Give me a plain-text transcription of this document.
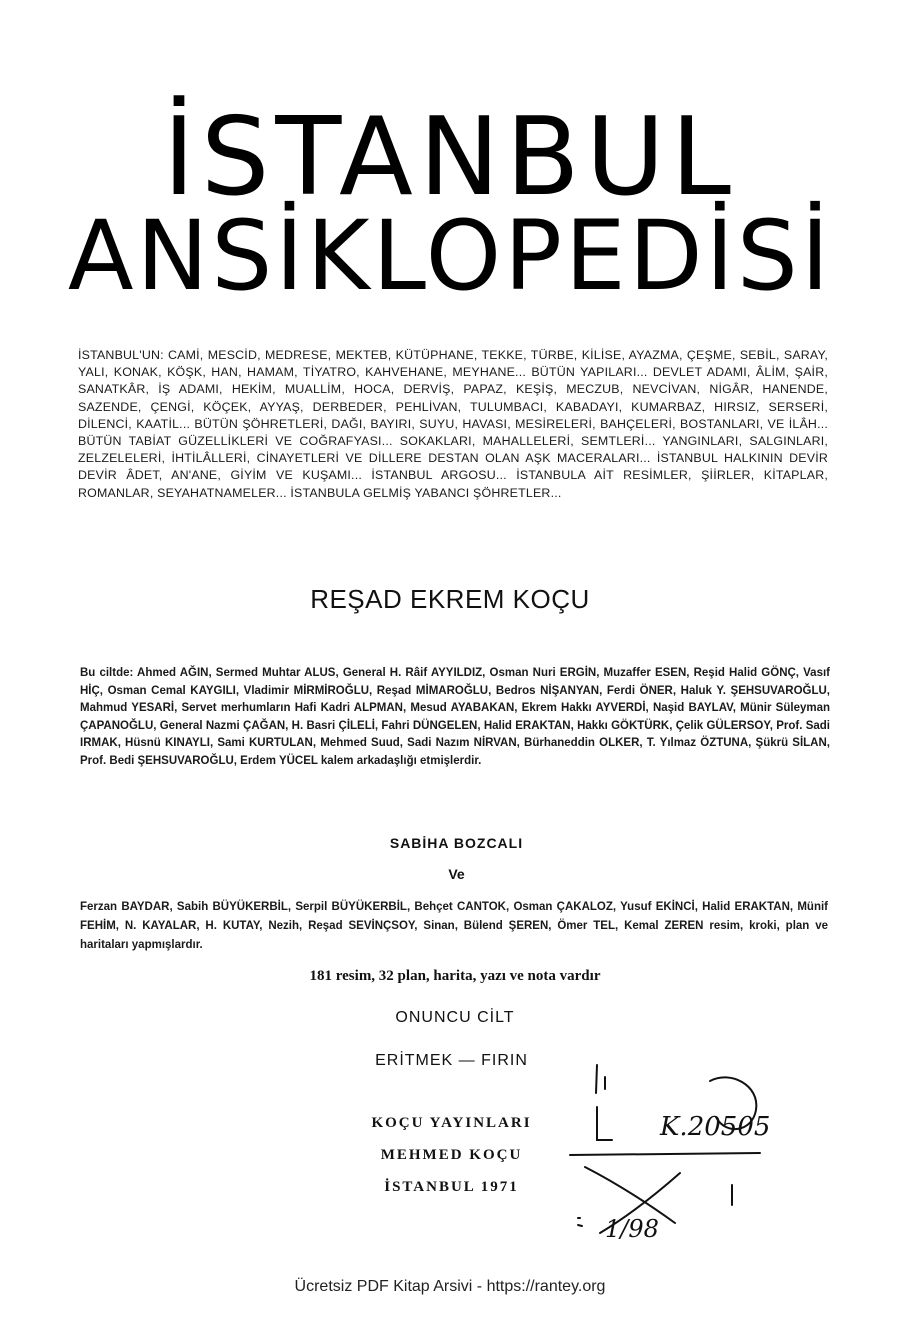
İSTANBUL
ANSİKLOPEDİSİ
İSTANBUL'UN: CAMİ, MESCİD, MEDRESE, MEKTEB, KÜTÜPHANE, TEKKE, TÜRBE, KİLİSE, AYAZMA, ÇEŞME, SEBİL, SARAY, YALI, KONAK, KÖŞK, HAN, HAMAM, TİYATRO, KAHVEHANE, MEYHANE... BÜTÜN YAPILARI... DEVLET ADAMI, ÂLİM, ŞAİR, SANATKÂR, İŞ ADAMI, HEKİM, MUALLİM, HOCA, DERVİŞ, PAPAZ, KEŞİŞ, MECZUB, NEVCİVAN, NİGÂR, HANENDE, SAZENDE, ÇENGİ, KÖÇEK, AYYAŞ, DERBEDER, PEHLİVAN, TULUMBACI, KABADAYI, KUMARBAZ, HIRSIZ, SERSERİ, DİLENCİ, KAATİL... BÜTÜN ŞÖHRETLERİ, DAĞI, BAYIRI, SUYU, HAVASI, MESİRELERİ, BAHÇELERİ, BOSTANLARI, VE İLÂH... BÜTÜN TABİAT GÜZELLİKLERİ VE COĞRAFYASI... SOKAKLARI, MAHALLELERİ, SEMTLERİ... YANGINLARI, SALGINLARI, ZELZELELERİ, İHTİLÂLLERİ, CİNAYETLERİ VE DİLLERE DESTAN OLAN AŞK MACERALARI... İSTANBUL HALKININ DEVİR DEVİR ÂDET, AN'ANE, GİYİM VE KUŞAMI... İSTANBUL ARGOSU... İSTANBULA AİT RESİMLER, ŞİİRLER, KİTAPLAR, ROMANLAR, SEYAHATNAMELER... İSTANBULA GELMİŞ YABANCI ŞÖHRETLER...
REŞAD EKREM KOÇU
Bu ciltde: Ahmed AĞIN, Sermed Muhtar ALUS, General H. Râif AYYILDIZ, Osman Nuri ERGİN, Muzaffer ESEN, Reşid Halid GÖNÇ, Vasıf HİÇ, Osman Cemal KAYGILI, Vladimir MİRMİROĞLU, Reşad MİMAROĞLU, Bedros NİŞANYAN, Ferdi ÖNER, Haluk Y. ŞEHSUVAROĞLU, Mahmud YESARİ, Servet merhumların Hafi Kadri ALPMAN, Mesud AYABAKAN, Ekrem Hakkı AYVERDİ, Naşid BAYLAV, Münir Süleyman ÇAPANOĞLU, General Nazmi ÇAĞAN, H. Basri ÇİLELİ, Fahri DÜNGELEN, Halid ERAKTAN, Hakkı GÖKTÜRK, Çelik GÜLERSOY, Prof. Sadi IRMAK, Hüsnü KINAYLI, Sami KURTULAN, Mehmed Suud, Sadi Nazım NİRVAN, Bürhaneddin OLKER, T. Yılmaz ÖZTUNA, Şükrü SİLAN, Prof. Bedi ŞEHSUVAROĞLU, Erdem YÜCEL kalem arkadaşlığı etmişlerdir.
SABİHA BOZCALI
Ve
Ferzan BAYDAR, Sabih BÜYÜKERBİL, Serpil BÜYÜKERBİL, Behçet CANTOK, Osman ÇAKALOZ, Yusuf EKİNCİ, Halid ERAKTAN, Münif FEHİM, N. KAYALAR, H. KUTAY, Nezih, Reşad SEVİNÇSOY, Sinan, Bülend ŞEREN, Ömer TEL, Kemal ZEREN resim, kroki, plan ve haritaları yapmışlardır.
181 resim, 32 plan, harita, yazı ve nota vardır
ONUNCU CİLT
ERİTMEK — FIRIN
KOÇU YAYINLARI
MEHMED KOÇU
İSTANBUL 1971
K.20505
1/98
Ücretsiz PDF Kitap Arsivi - https://rantey.org
